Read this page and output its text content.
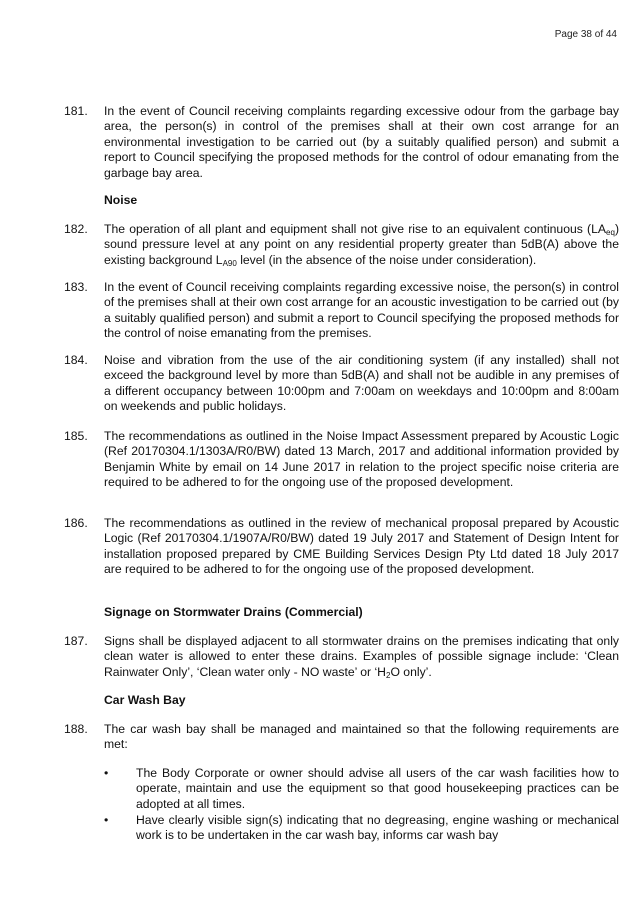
Page 38 of 44
181. In the event of Council receiving complaints regarding excessive odour from the garbage bay area, the person(s) in control of the premises shall at their own cost arrange for an environmental investigation to be carried out (by a suitably qualified person) and submit a report to Council specifying the proposed methods for the control of odour emanating from the garbage bay area.
Noise
182. The operation of all plant and equipment shall not give rise to an equivalent continuous $(LA_{eq})$ sound pressure level at any point on any residential property greater than 5dB(A) above the existing background $L_{A90}$ level (in the absence of the noise under consideration).
183. In the event of Council receiving complaints regarding excessive noise, the person(s) in control of the premises shall at their own cost arrange for an acoustic investigation to be carried out (by a suitably qualified person) and submit a report to Council specifying the proposed methods for the control of noise emanating from the premises.
184. Noise and vibration from the use of the air conditioning system (if any installed) shall not exceed the background level by more than 5dB(A) and shall not be audible in any premises of a different occupancy between 10:00pm and 7:00am on weekdays and 10:00pm and 8:00am on weekends and public holidays.
185. The recommendations as outlined in the Noise Impact Assessment prepared by Acoustic Logic (Ref 20170304.1/1303A/R0/BW) dated 13 March, 2017 and additional information provided by Benjamin White by email on 14 June 2017 in relation to the project specific noise criteria are required to be adhered to for the ongoing use of the proposed development.
186. The recommendations as outlined in the review of mechanical proposal prepared by Acoustic Logic (Ref 20170304.1/1907A/R0/BW) dated 19 July 2017 and Statement of Design Intent for installation proposed prepared by CME Building Services Design Pty Ltd dated 18 July 2017 are required to be adhered to for the ongoing use of the proposed development.
Signage on Stormwater Drains (Commercial)
187. Signs shall be displayed adjacent to all stormwater drains on the premises indicating that only clean water is allowed to enter these drains. Examples of possible signage include: ‘Clean Rainwater Only’, ‘Clean water only - NO waste’ or ‘$H_2O$ only’.
Car Wash Bay
188. The car wash bay shall be managed and maintained so that the following requirements are met:
• The Body Corporate or owner should advise all users of the car wash facilities how to operate, maintain and use the equipment so that good housekeeping practices can be adopted at all times.
• Have clearly visible sign(s) indicating that no degreasing, engine washing or mechanical work is to be undertaken in the car wash bay, informs car wash bay
